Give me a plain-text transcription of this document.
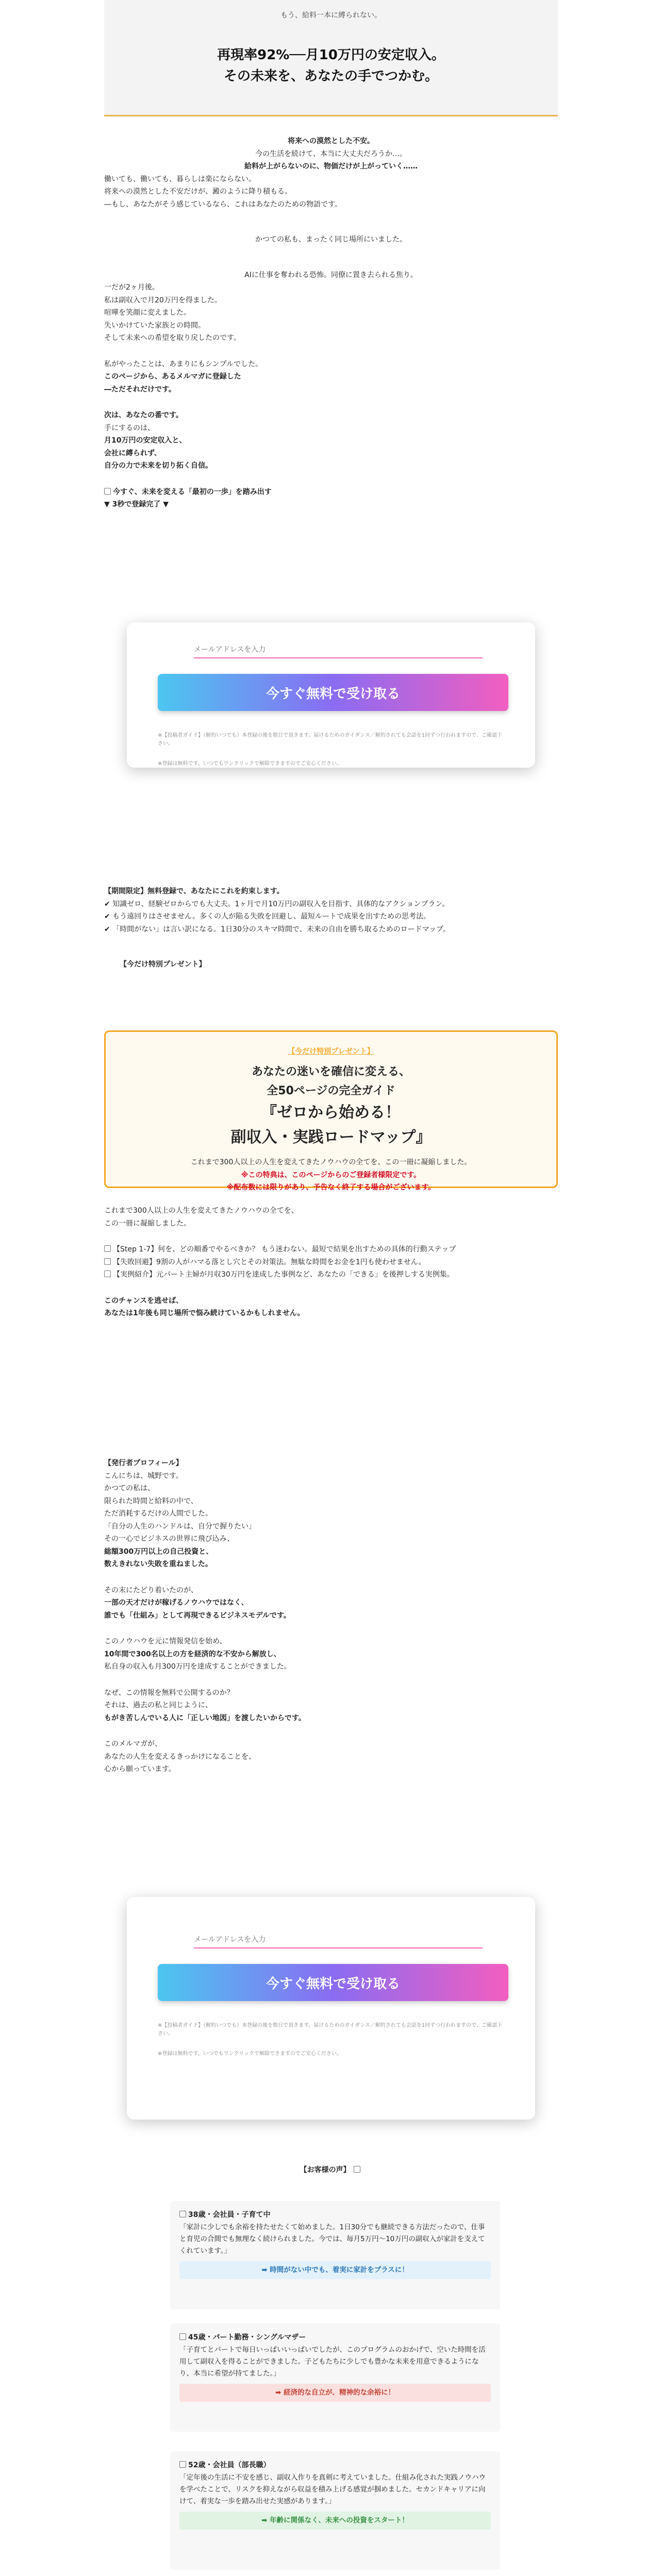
もう、給料一本に縛られない。

再現率92%──月10万円の安定収入。
その未来を、あなたの手でつかむ。

将来への漠然とした不安。

今の生活を続けて、本当に大丈夫だろうか…。

給料が上がらないのに、物価だけが上がっていく……

働いても、働いても、暮らしは楽にならない。

将来への漠然とした不安だけが、澱のように降り積もる。

―もし、あなたがそう感じているなら、これはあなたのための物語です。

かつての私も、まったく同じ場所にいました。

AIに仕事を奪われる恐怖。同僚に置き去られる焦り。

一だが2ヶ月後。

私は副収入で月20万円を得ました。

喧嘩を笑顔に変えました。

失いかけていた家族との時間。

そして未来への希望を取り戻したのです。

私がやったことは、あまりにもシンプルでした。

このページから、あるメルマガに登録した

―ただそれだけです。

次は、あなたの番です。

手にするのは、

月10万円の安定収入と、

会社に縛られず、

自分の力で未来を切り拓く自信。

今すぐ、未来を変える「最初の一歩」を踏み出す

▼ 3秒で登録完了 ▼

メールアドレスを入力
今すぐ無料で受け取る

※【投稿者ガイド】（解約いつでも）本登録の後を数日で頂きます。届けるためのガイダンス／解約されても会話を1回ずつ行われますので、ご確認下さい。

※登録は無料です。いつでもワンクリックで解除できますのでご安心ください。

【期間限定】無料登録で、あなたにこれを約束します。

✔ 知識ゼロ、経験ゼロからでも大丈夫。1ヶ月で月10万円の副収入を目指す、具体的なアクションプラン。

✔ もう遠回りはさせません。多くの人が陥る失敗を回避し、最短ルートで成果を出すための思考法。

✔ 「時間がない」は言い訳になる。1日30分のスキマ時間で、未来の自由を勝ち取るためのロードマップ。

【今だけ特別プレゼント】

【今だけ特別プレゼント】

あなたの迷いを確信に変える、

全50ページの完全ガイド

『ゼロから始める！

副収入・実践ロードマップ』

これまで300人以上の人生を変えてきたノウハウの全てを、この一冊に凝縮しました。

※この特典は、このページからのご登録者様限定です。

※配布数には限りがあり、予告なく終了する場合がございます。

これまで300人以上の人生を変えてきたノウハウの全てを、

この一冊に凝縮しました。

【Step 1-7】何を、どの順番でやるべきか？ もう迷わない。最短で結果を出すための具体的行動ステップ

【失敗回避】9割の人がハマる落とし穴とその対策法。無駄な時間をお金を1円も使わせません。

【実例紹介】元パート主婦が月収30万円を達成した事例など、あなたの「できる」を後押しする実例集。

このチャンスを逃せば、

あなたは1年後も同じ場所で悩み続けているかもしれません。

【発行者プロフィール】

こんにちは、城野です。

かつての私は、

限られた時間と給料の中で、

ただ消耗するだけの人間でした。

「自分の人生のハンドルは、自分で握りたい」

その一心でビジネスの世界に飛び込み、

総額300万円以上の自己投資と、

数えきれない失敗を重ねました。

その末にたどり着いたのが、

一部の天才だけが稼げるノウハウではなく、

誰でも「仕組み」として再現できるビジネスモデルです。

このノウハウを元に情報発信を始め、

10年間で300名以上の方を経済的な不安から解放し、

私自身の収入も月300万円を達成することができました。

なぜ、この情報を無料で公開するのか？

それは、過去の私と同じように、

もがき苦しんでいる人に「正しい地図」を渡したいからです。

このメルマガが、

あなたの人生を変えるきっかけになることを、

心から願っています。

メールアドレスを入力
今すぐ無料で受け取る

※【投稿者ガイド】（解約いつでも）本登録の後を数日で頂きます。届けるためのガイダンス／解約されても会話を1回ずつ行われますので、ご確認下さい。

※登録は無料です。いつでもワンクリックで解除できますのでご安心ください。

【お客様の声】

38歳・会社員・子育て中

「家計に少しでも余裕を持たせたくて始めました。1日30分でも継続できる方法だったので、仕事と育児の合間でも無理なく続けられました。今では、毎月5万円〜10万円の副収入が家計を支えてくれています。」

➡ 時間がない中でも、着実に家計をプラスに！

45歳・パート勤務・シングルマザー

「子育てとパートで毎日いっぱいいっぱいでしたが、このプログラムのおかげで、空いた時間を活用して副収入を得ることができました。子どもたちに少しでも豊かな未来を用意できるようになり、本当に希望が持てました。」

➡ 経済的な自立が、精神的な余裕に！

52歳・会社員（部長職）

「定年後の生活に不安を感じ、副収入作りを真剣に考えていました。仕組み化された実践ノウハウを学べたことで、リスクを抑えながら収益を積み上げる感覚が掴めました。セカンドキャリアに向けて、着実な一歩を踏み出せた実感があります。」

➡ 年齢に関係なく、未来への投資をスタート！
